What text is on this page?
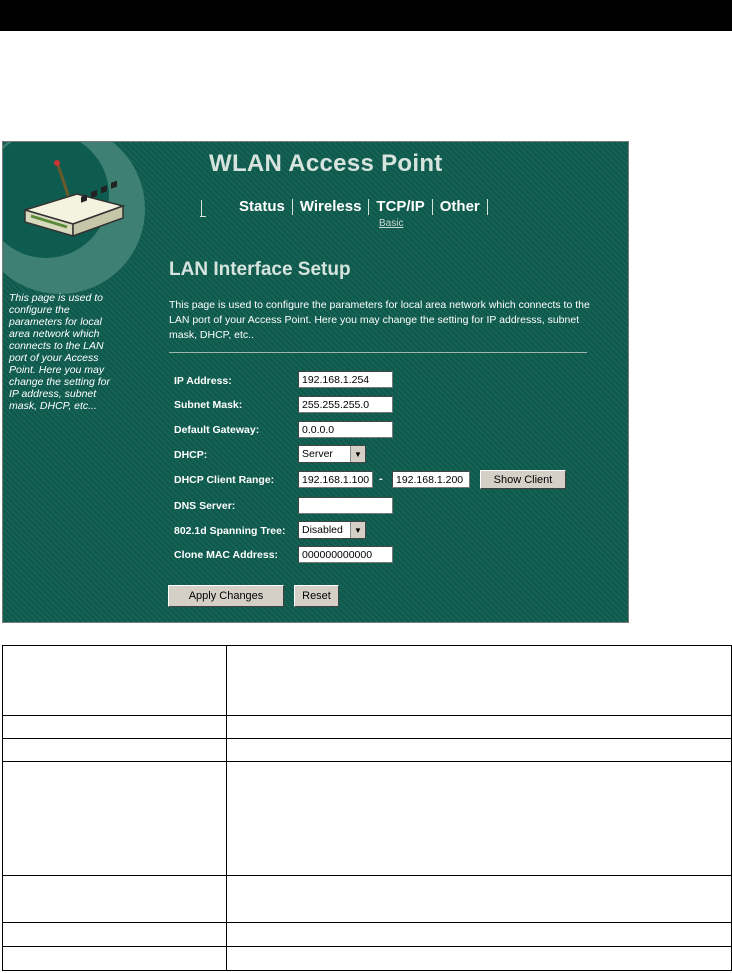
WLAN Access Point
Status	Wireless	TCP/IP	Other
Basic
This page is used to configure the parameters for local area network which connects to the LAN port of your Access Point. Here you may change the setting for IP address, subnet mask, DHCP, etc...
LAN Interface Setup
This page is used to configure the parameters for local area network which connects to the LAN port of your Access Point. Here you may change the setting for IP addresss, subnet mask, DHCP, etc..
IP Address:
192.168.1.254
Subnet Mask:
255.255.255.0
Default Gateway:
0.0.0.0
DHCP:	Server	▼
DHCP Client Range:
192.168.1.100	-
192.168.1.200	Show Client
DNS Server:
802.1d Spanning Tree: Disabled	▼
Clone MAC Address:
000000000000
Apply Changes	Reset
